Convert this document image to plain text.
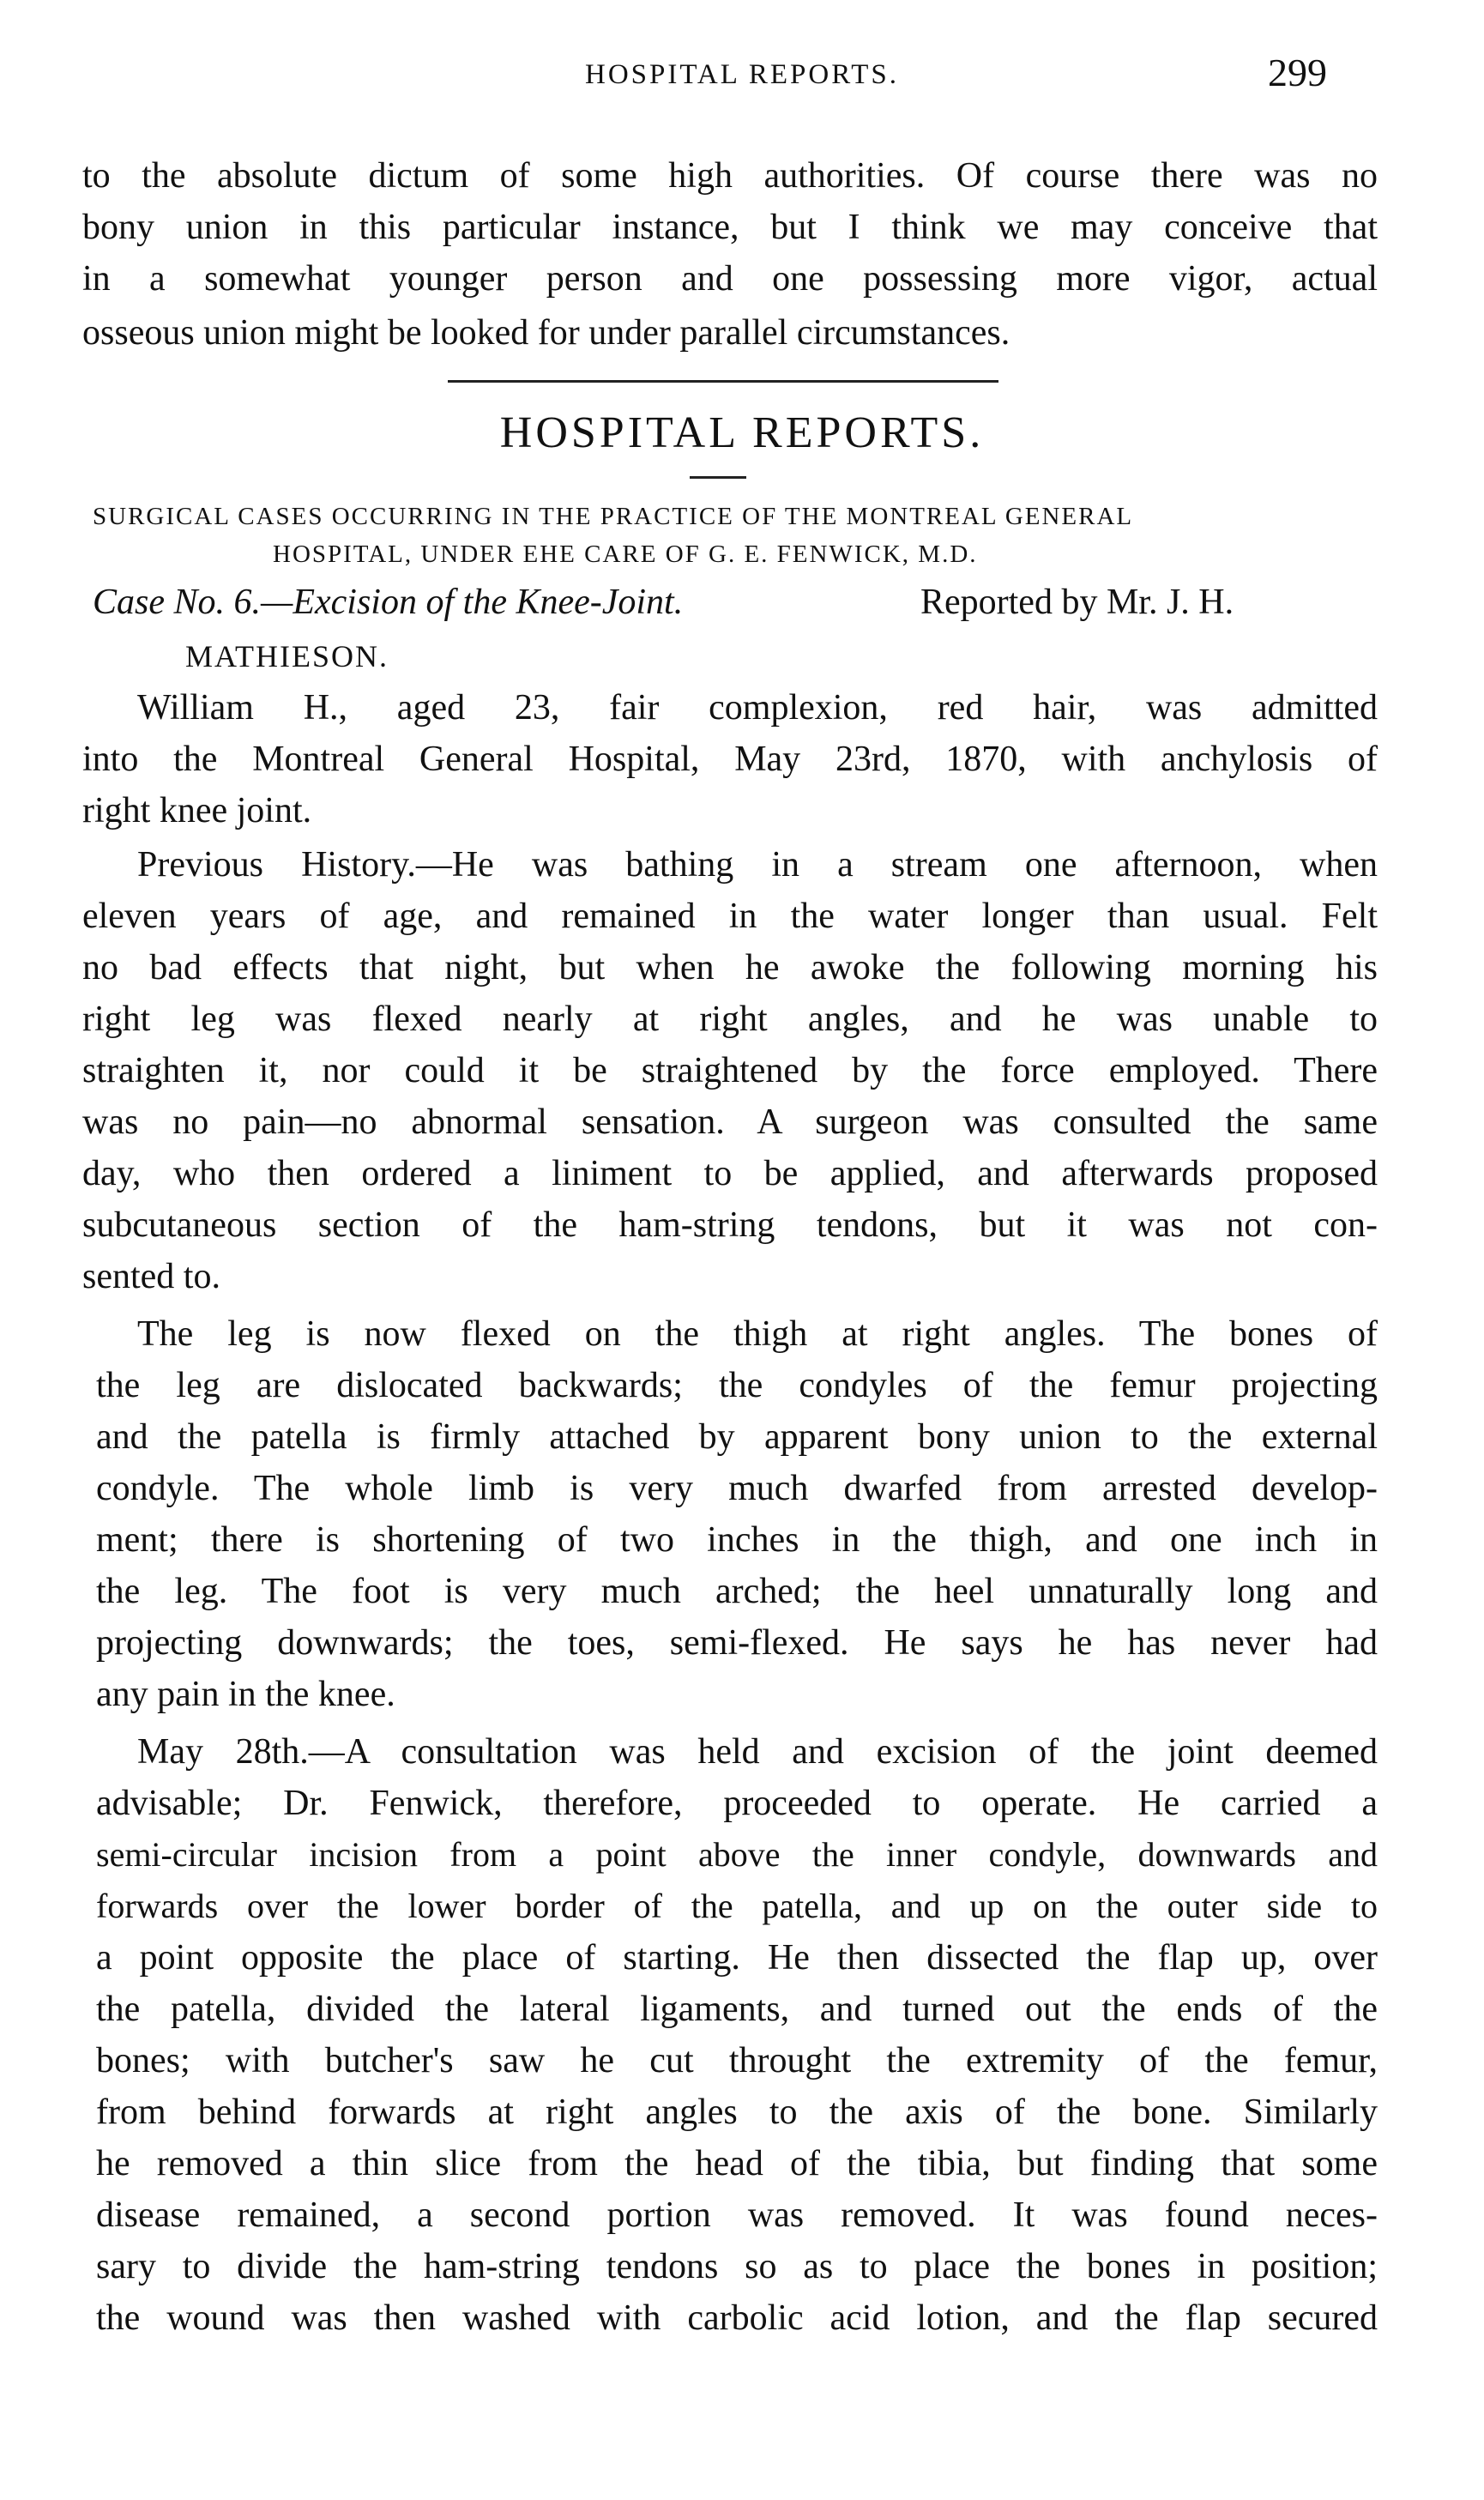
HOSPITAL REPORTS.	299
to the absolute dictum of some high authorities. Of course there was no
bony union in this particular instance, but I think we may conceive that
in a somewhat younger person and one possessing more vigor, actual
osseous union might be looked for under parallel circumstances.
HOSPITAL REPORTS.
SURGICAL CASES OCCURRING IN THE PRACTICE OF THE MONTREAL GENERAL
HOSPITAL, UNDER EHE CARE OF G. E. FENWICK, M.D.
Case No. 6.—Excision of the Knee-Joint.	Reported by Mr. J. H.
MATHIESON.
William H., aged 23, fair complexion, red hair, was admitted
into the Montreal General Hospital, May 23rd, 1870, with anchylosis of
right knee joint.
Previous History.—He was bathing in a stream one afternoon, when
eleven years of age, and remained in the water longer than usual. Felt
no bad effects that night, but when he awoke the following morning his
right leg was flexed nearly at right angles, and he was unable to
straighten it, nor could it be straightened by the force employed. There
was no pain—no abnormal sensation. A surgeon was consulted the same
day, who then ordered a liniment to be applied, and afterwards proposed
subcutaneous section of the ham-string tendons, but it was not con-
sented to.
The leg is now flexed on the thigh at right angles. The bones of
the leg are dislocated backwards; the condyles of the femur projecting
and the patella is firmly attached by apparent bony union to the external
condyle. The whole limb is very much dwarfed from arrested develop-
ment; there is shortening of two inches in the thigh, and one inch in
the leg. The foot is very much arched; the heel unnaturally long and
projecting downwards; the toes, semi-flexed. He says he has never had
any pain in the knee.
May 28th.—A consultation was held and excision of the joint deemed
advisable; Dr. Fenwick, therefore, proceeded to operate. He carried a
semi-circular incision from a point above the inner condyle, downwards and
forwards over the lower border of the patella, and up on the outer side to
a point opposite the place of starting. He then dissected the flap up, over
the patella, divided the lateral ligaments, and turned out the ends of the
bones; with butcher's saw he cut throught the extremity of the femur,
from behind forwards at right angles to the axis of the bone. Similarly
he removed a thin slice from the head of the tibia, but finding that some
disease remained, a second portion was removed. It was found neces-
sary to divide the ham-string tendons so as to place the bones in position;
the wound was then washed with carbolic acid lotion, and the flap secured
